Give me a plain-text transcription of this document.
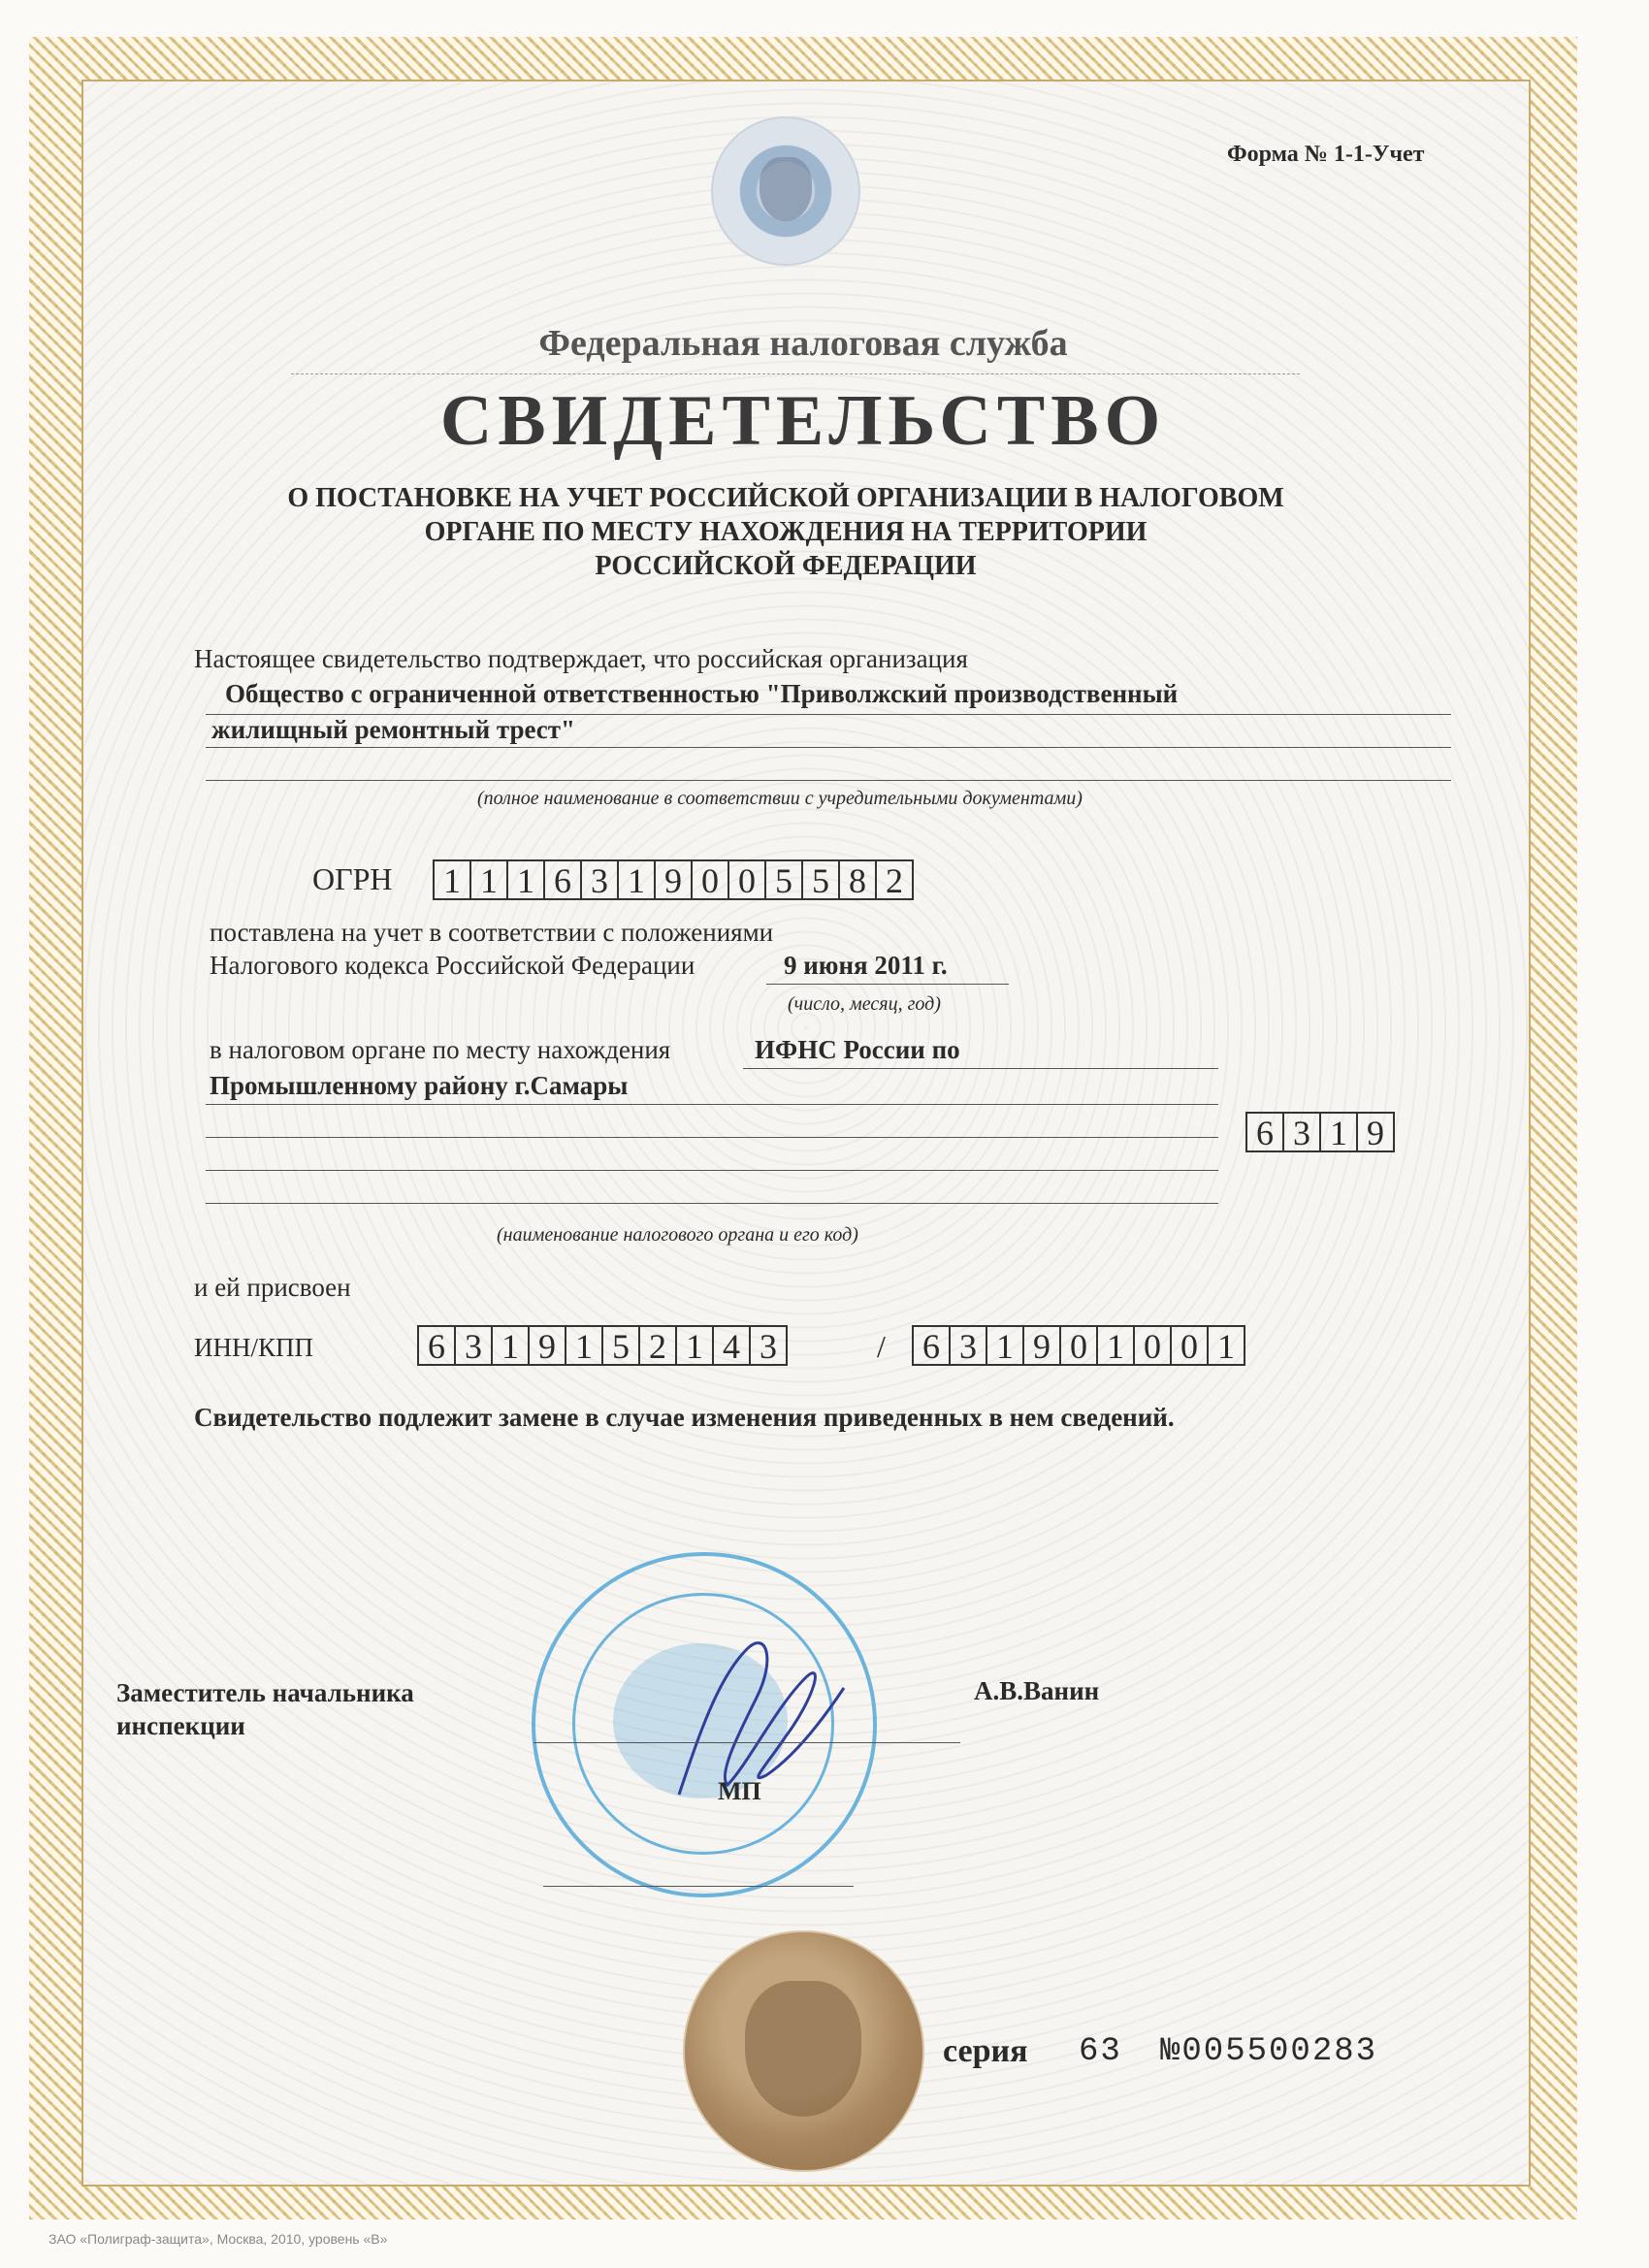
Форма № 1-1-Учет
Федеральная налоговая служба
СВИДЕТЕЛЬСТВО
О ПОСТАНОВКЕ НА УЧЕТ РОССИЙСКОЙ ОРГАНИЗАЦИИ В НАЛОГОВОМ
ОРГАНЕ ПО МЕСТУ НАХОЖДЕНИЯ НА ТЕРРИТОРИИ
РОССИЙСКОЙ ФЕДЕРАЦИИ
Настоящее свидетельство подтверждает, что российская организация
Общество с ограниченной ответственностью "Приволжский производственный
жилищный ремонтный трест"
(полное наименование в соответствии с учредительными документами)
ОГРН 1 1 1 6 3 1 9 0 0 5 5 8 2
поставлена на учет в соответствии с положениями
Налогового кодекса Российской Федерации	9 июня 2011 г.
(число, месяц, год)
в налоговом органе по месту нахождения	ИФНС России по
Промышленному району г.Самары
6 3 1 9
(наименование налогового органа и его код)
и ей присвоен
ИНН/КПП	6 3 1 9 1 5 2 1 4 3	/ 6 3 1 9 0 1 0 0 1
Свидетельство подлежит замене в случае изменения приведенных в нем сведений.
Заместитель начальника
инспекции
А.В.Ванин
МП
серия 63 №005500283
ЗАО «Полиграф-защита», Москва, 2010, уровень «В»
